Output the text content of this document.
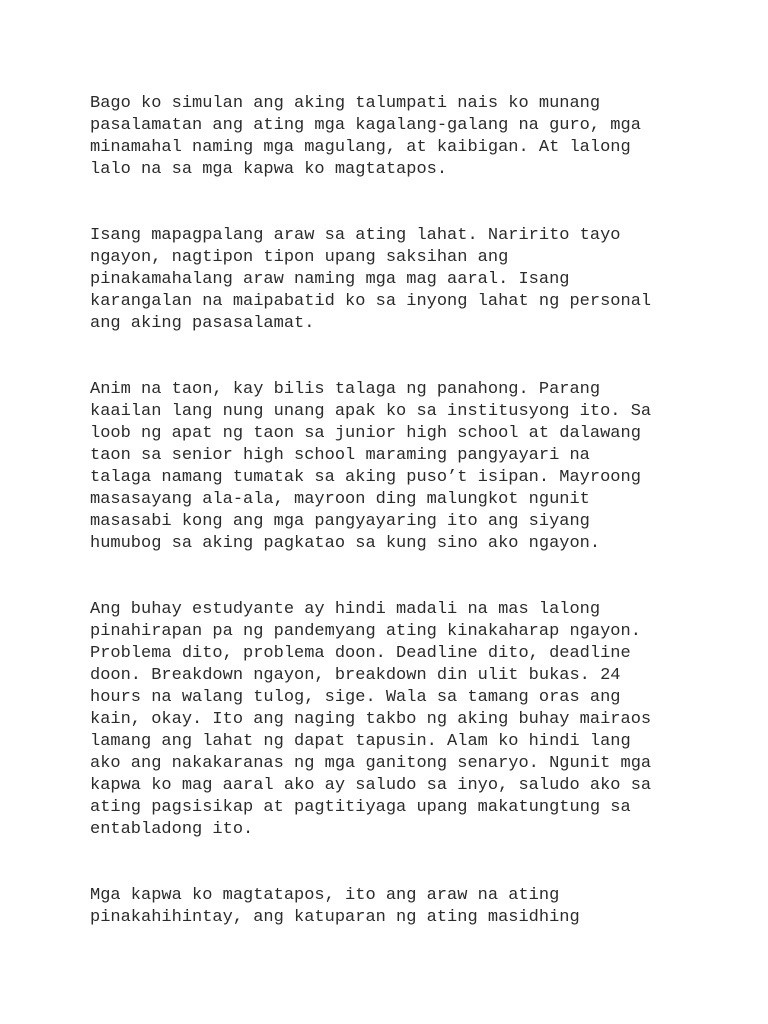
Bago ko simulan ang aking talumpati nais ko munang
pasalamatan ang ating mga kagalang-galang na guro, mga
minamahal naming mga magulang, at kaibigan. At lalong
lalo na sa mga kapwa ko magtatapos.

Isang mapagpalang araw sa ating lahat. Naririto tayo
ngayon, nagtipon tipon upang saksihan ang
pinakamahalang araw naming mga mag aaral. Isang
karangalan na maipabatid ko sa inyong lahat ng personal
ang aking pasasalamat.

Anim na taon, kay bilis talaga ng panahong. Parang
kaailan lang nung unang apak ko sa institusyong ito. Sa
loob ng apat ng taon sa junior high school at dalawang
taon sa senior high school maraming pangyayari na
talaga namang tumatak sa aking puso’t isipan. Mayroong
masasayang ala-ala, mayroon ding malungkot ngunit
masasabi kong ang mga pangyayaring ito ang siyang
humubog sa aking pagkatao sa kung sino ako ngayon.

Ang buhay estudyante ay hindi madali na mas lalong
pinahirapan pa ng pandemyang ating kinakaharap ngayon.
Problema dito, problema doon. Deadline dito, deadline
doon. Breakdown ngayon, breakdown din ulit bukas. 24
hours na walang tulog, sige. Wala sa tamang oras ang
kain, okay. Ito ang naging takbo ng aking buhay mairaos
lamang ang lahat ng dapat tapusin. Alam ko hindi lang
ako ang nakakaranas ng mga ganitong senaryo. Ngunit mga
kapwa ko mag aaral ako ay saludo sa inyo, saludo ako sa
ating pagsisikap at pagtitiyaga upang makatungtung sa
entabladong ito.

Mga kapwa ko magtatapos, ito ang araw na ating
pinakahihintay, ang katuparan ng ating masidhing
